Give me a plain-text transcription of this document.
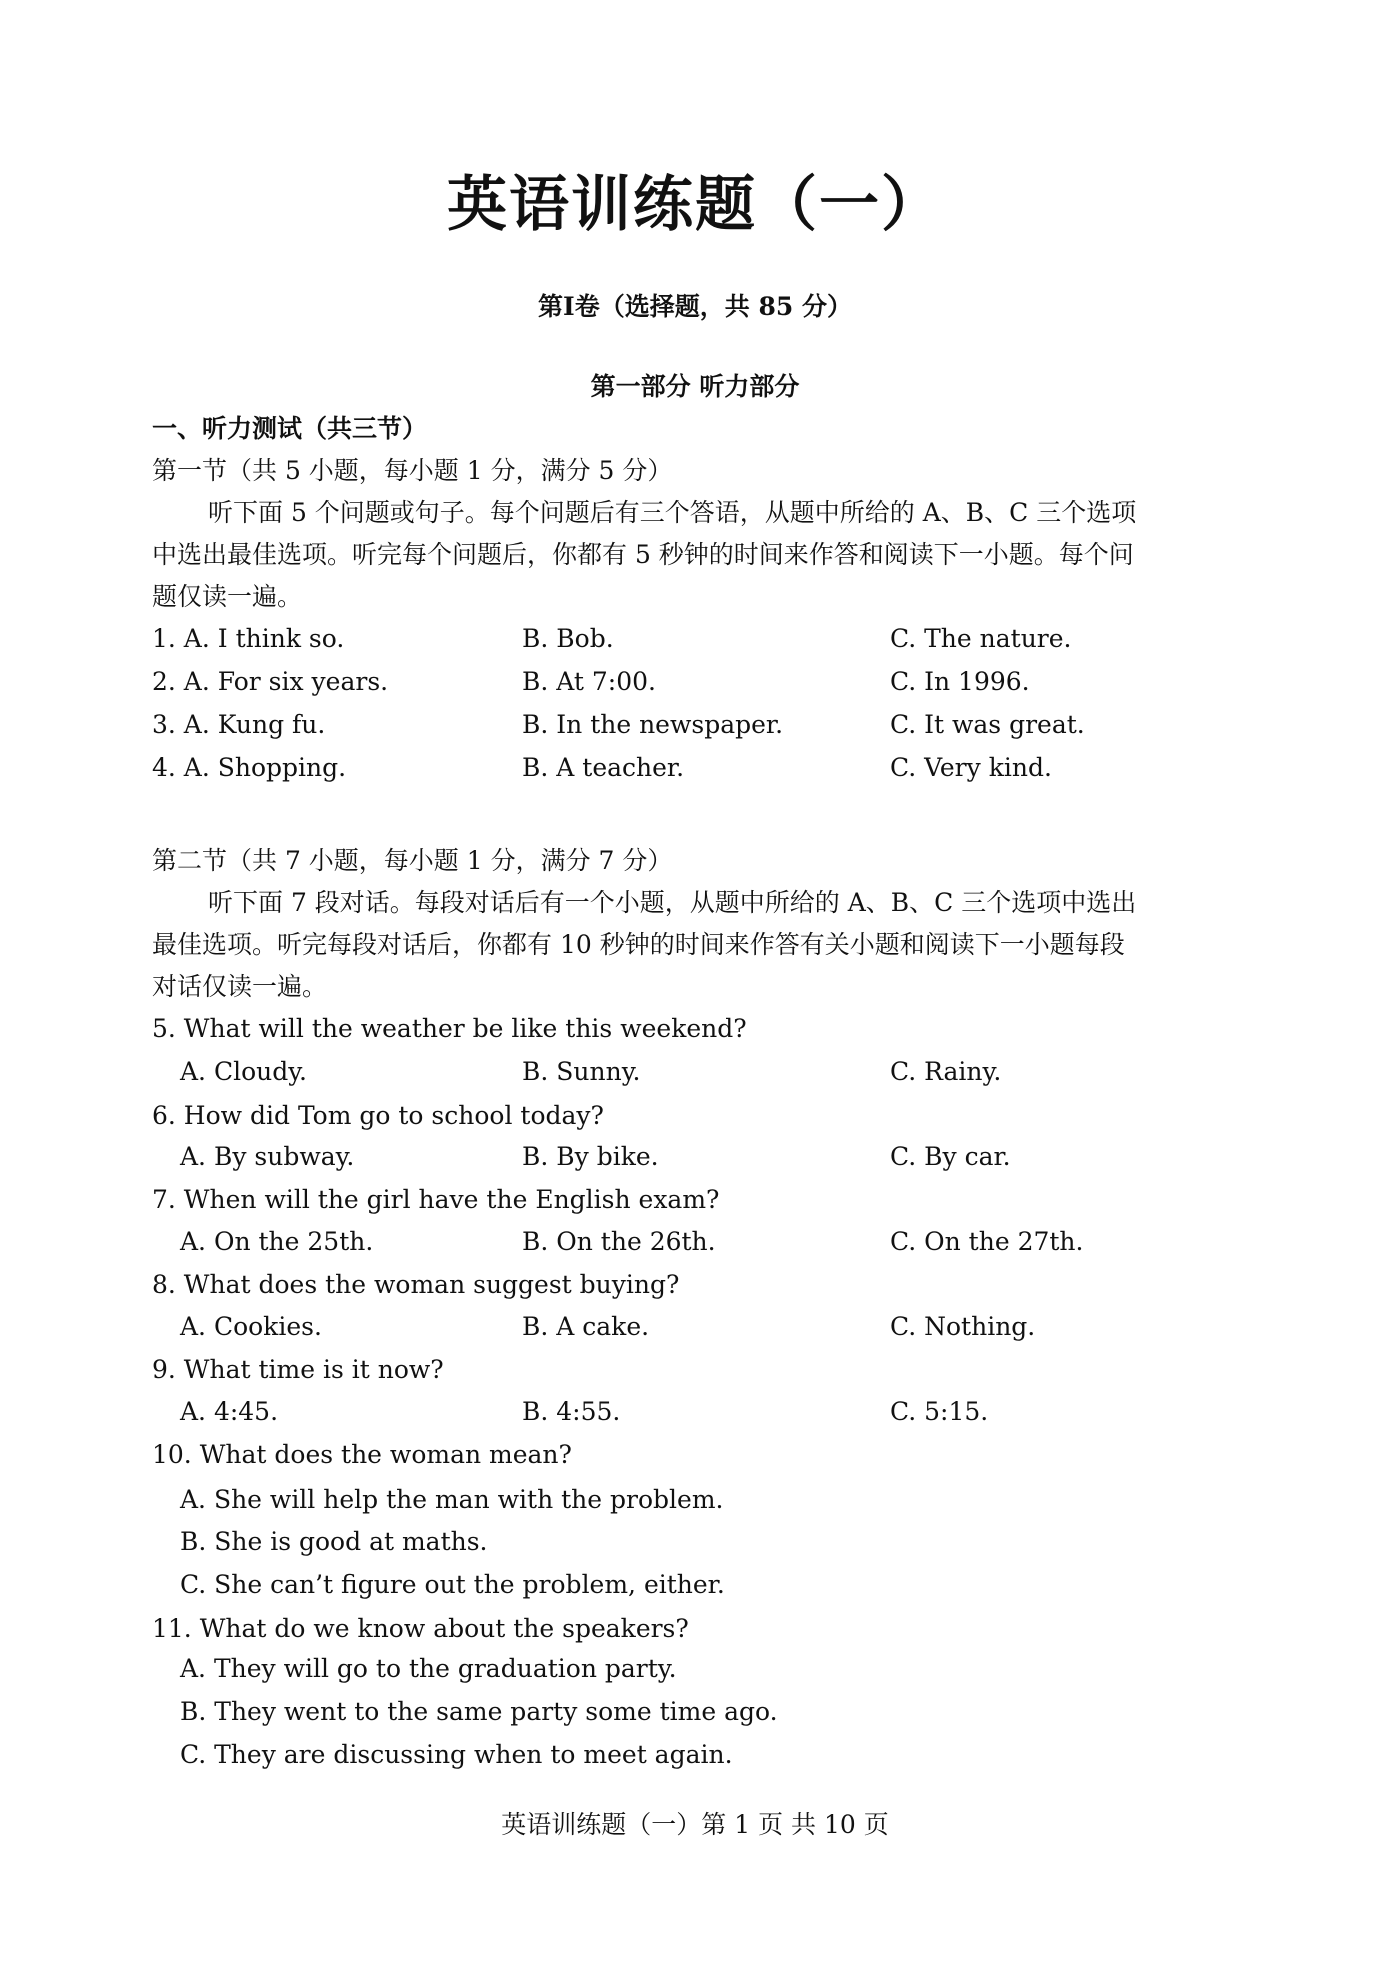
英语训练题（一）
第Ⅰ卷（选择题，共 85 分）
第一部分 听力部分
一、听力测试（共三节）
第一节（共 5 小题，每小题 1 分，满分 5 分）

听下面 5 个问题或句子。每个问题后有三个答语，从题中所给的 A、B、C 三个选项

中选出最佳选项。听完每个问题后，你都有 5 秒钟的时间来作答和阅读下一小题。每个问

题仅读一遍。

1. A. I think so.	B. Bob.	C. The nature.
2. A. For six years.	B. At 7:00.	C. In 1996.
3. A. Kung fu.	B. In the newspaper.	C. It was great.
4. A. Shopping.	B. A teacher.	C. Very kind.
第二节（共 7 小题，每小题 1 分，满分 7 分）

听下面 7 段对话。每段对话后有一个小题，从题中所给的 A、B、C 三个选项中选出

最佳选项。听完每段对话后，你都有 10 秒钟的时间来作答有关小题和阅读下一小题每段

对话仅读一遍。

5. What will the weather be like this weekend?
A. Cloudy.	B. Sunny.	C. Rainy.
6. How did Tom go to school today?
A. By subway.	B. By bike.	C. By car.
7. When will the girl have the English exam?
A. On the 25th.	B. On the 26th.	C. On the 27th.
8. What does the woman suggest buying?
A. Cookies.	B. A cake.	C. Nothing.
9. What time is it now?
A. 4:45.	B. 4:55.	C. 5:15.
10. What does the woman mean?
A. She will help the man with the problem.
B. She is good at maths.
C. She can’t figure out the problem, either.
11. What do we know about the speakers?
A. They will go to the graduation party.
B. They went to the same party some time ago.
C. They are discussing when to meet again.
英语训练题（一）第 1 页 共 10 页
